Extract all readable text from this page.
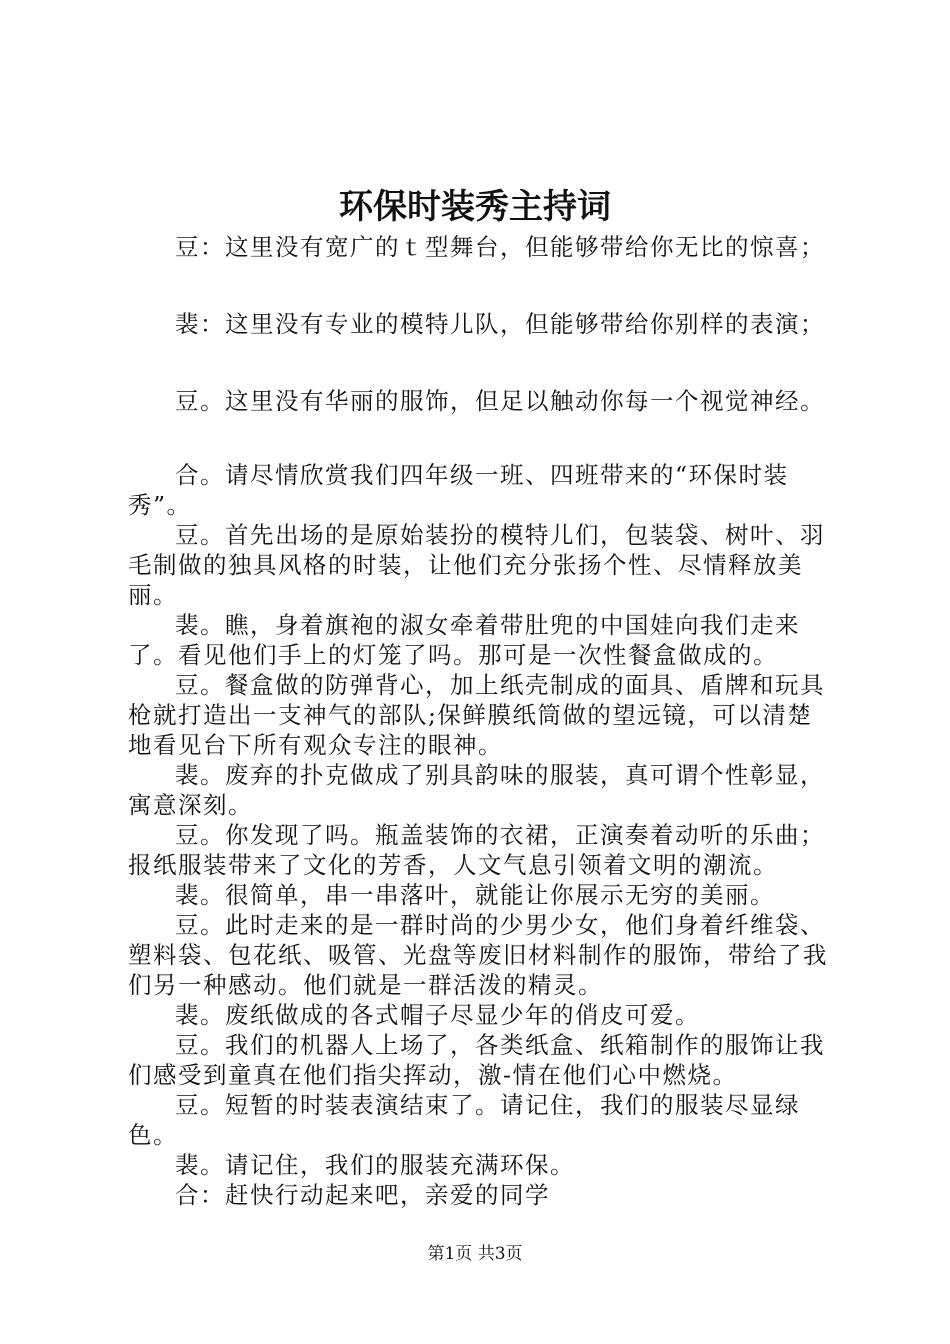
环保时装秀主持词

豆：这里没有宽广的ｔ型舞台，但能够带给你无比的惊喜；

裴：这里没有专业的模特儿队，但能够带给你别样的表演；

豆。这里没有华丽的服饰，但足以触动你每一个视觉神经。

合。请尽情欣赏我们四年级一班、四班带来的“环保时装秀”。

豆。首先出场的是原始装扮的模特儿们，包装袋、树叶、羽毛制做的独具风格的时装，让他们充分张扬个性、尽情释放美丽。

裴。瞧，身着旗袍的淑女牵着带肚兜的中国娃向我们走来了。看见他们手上的灯笼了吗。那可是一次性餐盒做成的。

豆。餐盒做的防弹背心，加上纸壳制成的面具、盾牌和玩具枪就打造出一支神气的部队;保鲜膜纸筒做的望远镜，可以清楚地看见台下所有观众专注的眼神。

裴。废弃的扑克做成了别具韵味的服装，真可谓个性彰显，寓意深刻。

豆。你发现了吗。瓶盖装饰的衣裙，正演奏着动听的乐曲；报纸服装带来了文化的芳香，人文气息引领着文明的潮流。

裴。很简单，串一串落叶，就能让你展示无穷的美丽。

豆。此时走来的是一群时尚的少男少女，他们身着纤维袋、塑料袋、包花纸、吸管、光盘等废旧材料制作的服饰，带给了我们另一种感动。他们就是一群活泼的精灵。

裴。废纸做成的各式帽子尽显少年的俏皮可爱。

豆。我们的机器人上场了，各类纸盒、纸箱制作的服饰让我们感受到童真在他们指尖挥动，激-情在他们心中燃烧。

豆。短暂的时装表演结束了。请记住，我们的服装尽显绿色。

裴。请记住，我们的服装充满环保。

合：赶快行动起来吧，亲爱的同学

第1页 共3页
